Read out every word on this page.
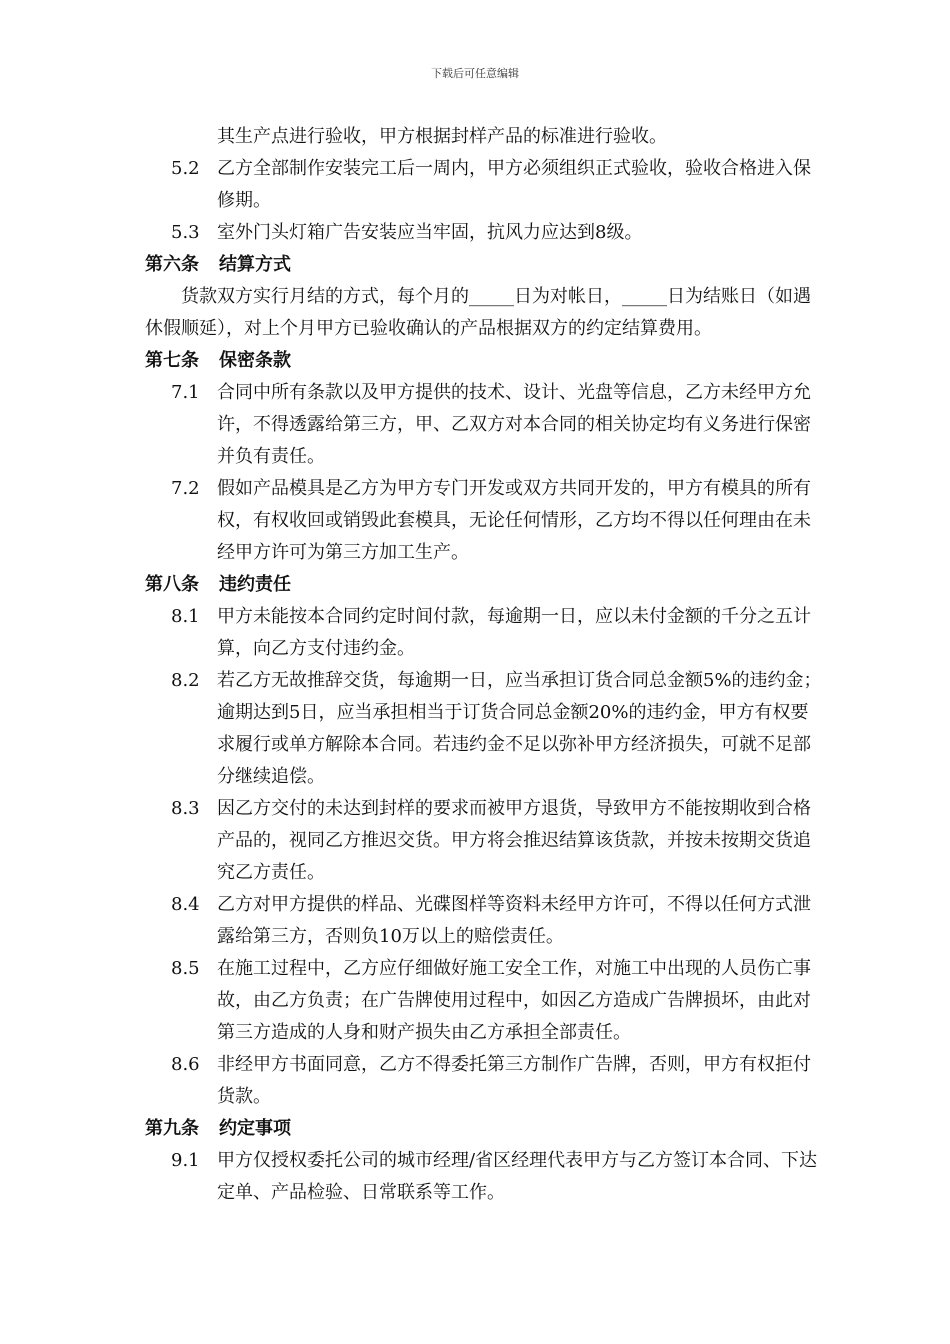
下载后可任意编辑
其生产点进行验收，甲方根据封样产品的标准进行验收。
5.2 乙方全部制作安装完工后一周内，甲方必须组织正式验收，验收合格进入保修期。
5.3 室外门头灯箱广告安装应当牢固，抗风力应达到8级。
第六条 结算方式
货款双方实行月结的方式，每个月的_____日为对帐日，_____日为结账日（如遇休假顺延），对上个月甲方已验收确认的产品根据双方的约定结算费用。
第七条 保密条款
7.1 合同中所有条款以及甲方提供的技术、设计、光盘等信息，乙方未经甲方允许，不得透露给第三方，甲、乙双方对本合同的相关协定均有义务进行保密并负有责任。
7.2 假如产品模具是乙方为甲方专门开发或双方共同开发的，甲方有模具的所有权，有权收回或销毁此套模具，无论任何情形，乙方均不得以任何理由在未经甲方许可为第三方加工生产。
第八条 违约责任
8.1 甲方未能按本合同约定时间付款，每逾期一日，应以未付金额的千分之五计算，向乙方支付违约金。
8.2 若乙方无故推辞交货，每逾期一日，应当承担订货合同总金额5%的违约金；逾期达到5日，应当承担相当于订货合同总金额20%的违约金，甲方有权要求履行或单方解除本合同。若违约金不足以弥补甲方经济损失，可就不足部分继续追偿。
8.3 因乙方交付的未达到封样的要求而被甲方退货，导致甲方不能按期收到合格产品的，视同乙方推迟交货。甲方将会推迟结算该货款，并按未按期交货追究乙方责任。
8.4 乙方对甲方提供的样品、光碟图样等资料未经甲方许可，不得以任何方式泄露给第三方，否则负10万以上的赔偿责任。
8.5 在施工过程中，乙方应仔细做好施工安全工作，对施工中出现的人员伤亡事故，由乙方负责；在广告牌使用过程中，如因乙方造成广告牌损坏，由此对第三方造成的人身和财产损失由乙方承担全部责任。
8.6 非经甲方书面同意，乙方不得委托第三方制作广告牌，否则，甲方有权拒付货款。
第九条 约定事项
9.1 甲方仅授权委托公司的城市经理/省区经理代表甲方与乙方签订本合同、下达定单、产品检验、日常联系等工作。
